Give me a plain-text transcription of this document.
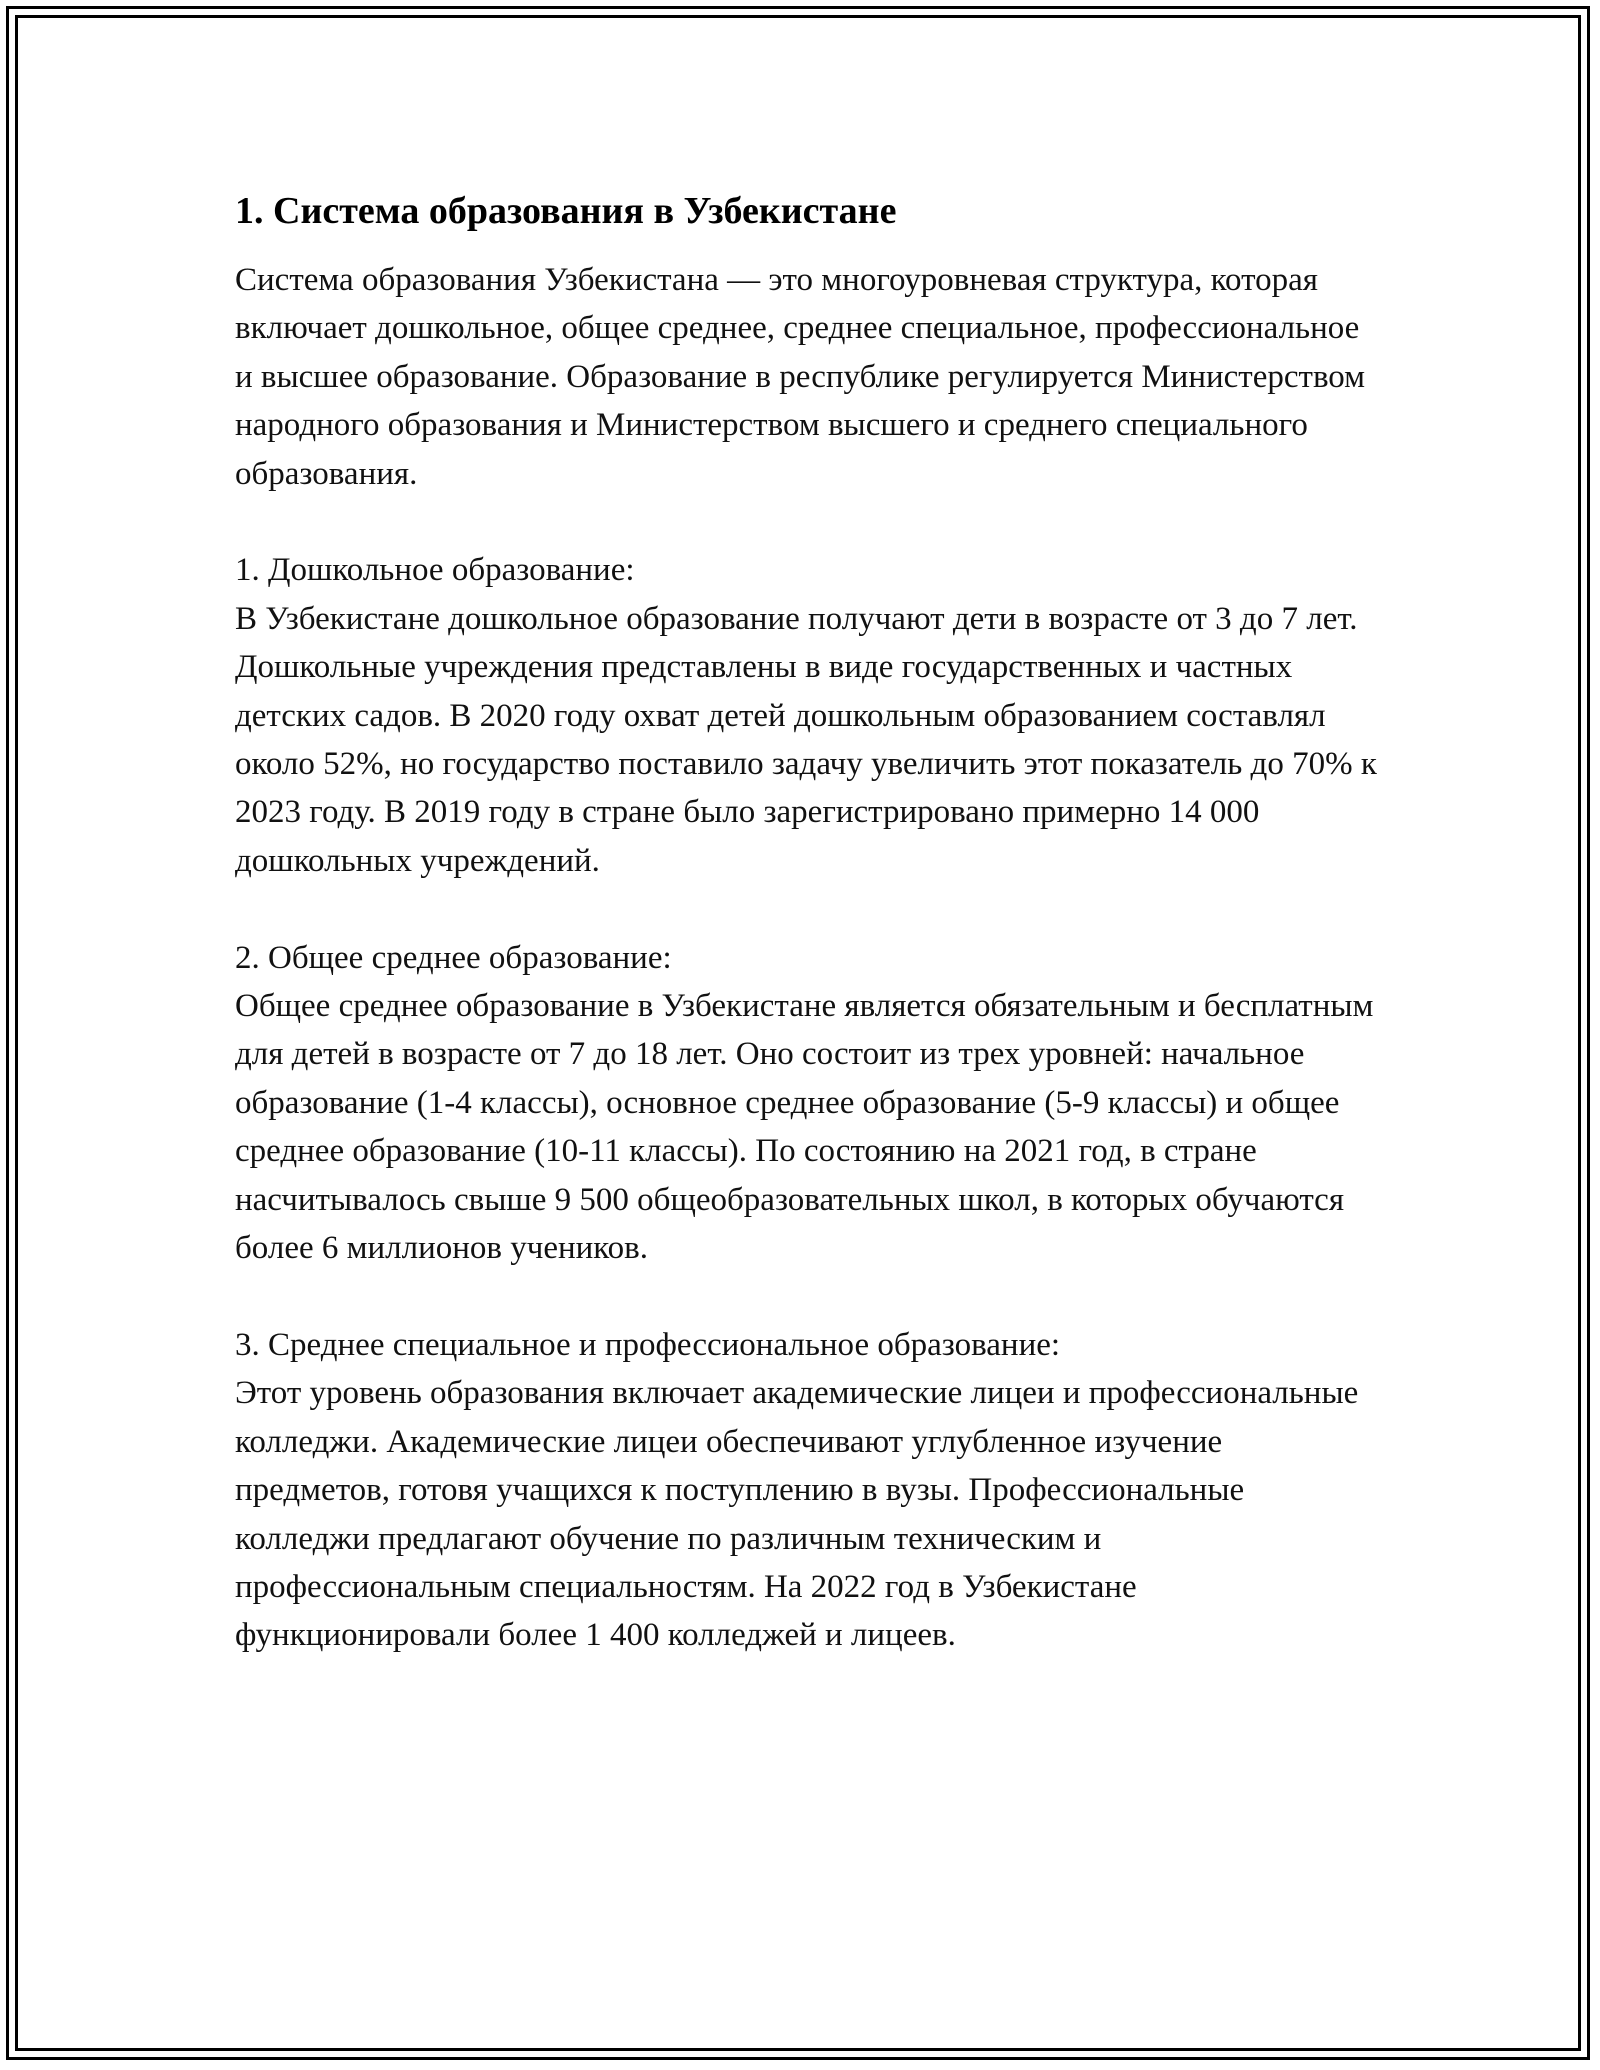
1. Система образования в Узбекистане

Система образования Узбекистана — это многоуровневая структура, которая включает дошкольное, общее среднее, среднее специальное, профессиональное и высшее образование. Образование в республике регулируется Министерством народного образования и Министерством высшего и среднего специального образования.

1. Дошкольное образование:
В Узбекистане дошкольное образование получают дети в возрасте от 3 до 7 лет. Дошкольные учреждения представлены в виде государственных и частных детских садов. В 2020 году охват детей дошкольным образованием составлял около 52%, но государство поставило задачу увеличить этот показатель до 70% к 2023 году. В 2019 году в стране было зарегистрировано примерно 14 000 дошкольных учреждений.

2. Общее среднее образование:
Общее среднее образование в Узбекистане является обязательным и бесплатным для детей в возрасте от 7 до 18 лет. Оно состоит из трех уровней: начальное образование (1-4 классы), основное среднее образование (5-9 классы) и общее среднее образование (10-11 классы). По состоянию на 2021 год, в стране насчитывалось свыше 9 500 общеобразовательных школ, в которых обучаются более 6 миллионов учеников.

3. Среднее специальное и профессиональное образование:
Этот уровень образования включает академические лицеи и профессиональные колледжи. Академические лицеи обеспечивают углубленное изучение предметов, готовя учащихся к поступлению в вузы. Профессиональные колледжи предлагают обучение по различным техническим и профессиональным специальностям. На 2022 год в Узбекистане функционировали более 1 400 колледжей и лицеев.
